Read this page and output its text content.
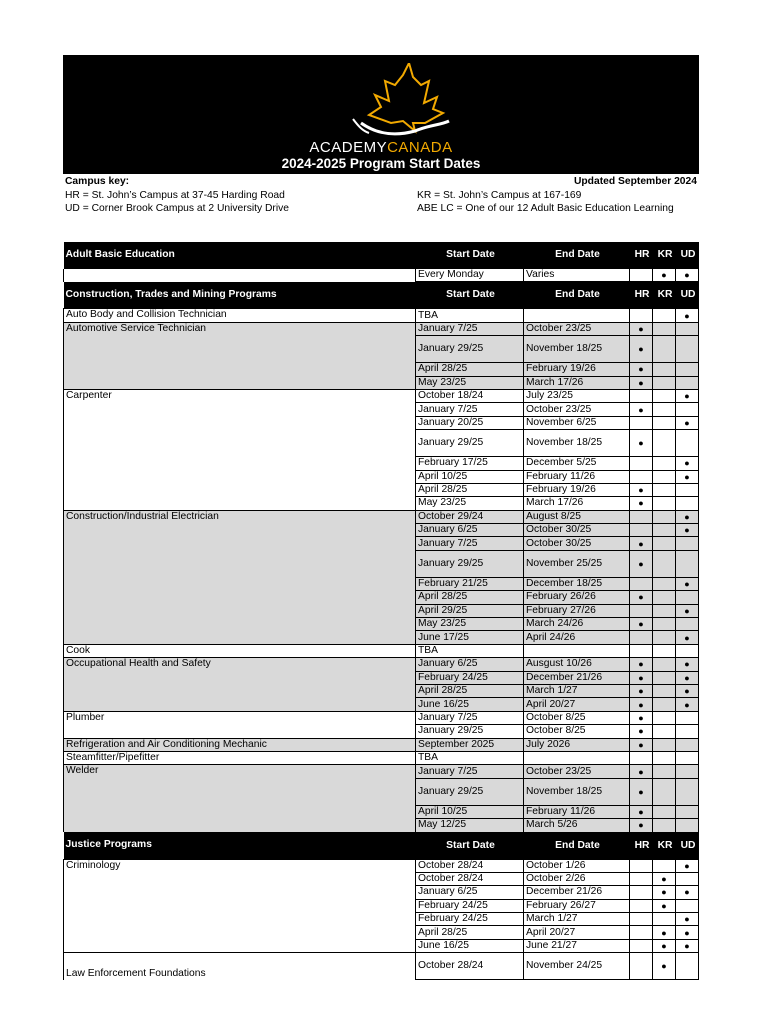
ACADEMYCANADA
2024-2025 Program Start Dates
Campus key:	Updated September 2024
HR = St. John’s Campus at 37-45 Harding Road	KR = St. John’s Campus at 167-169
UD = Corner Brook Campus at 2 University Drive	ABE LC = One of our 12 Adult Basic Education Learning
Adult Basic Education	Start Date	End Date	HR	KR	UD
	Every Monday	Varies		●	●
Construction, Trades and Mining Programs	Start Date	End Date	HR	KR	UD
Auto Body and Collision Technician	TBA				●
Automotive Service Technician	January 7/25	October 23/25	●		
	January 29/25	November 18/25	●		
	April 28/25	February 19/26	●		
	May 23/25	March 17/26	●		
Carpenter	October 18/24	July 23/25			●
	January 7/25	October 23/25	●		
	January 20/25	November 6/25			●
	January 29/25	November 18/25	●		
	February 17/25	December 5/25			●
	April 10/25	February 11/26			●
	April 28/25	February 19/26	●		
	May 23/25	March 17/26	●		
Construction/Industrial Electrician	October 29/24	August 8/25			●
	January 6/25	October 30/25			●
	January 7/25	October 30/25	●		
	January 29/25	November 25/25	●		
	February 21/25	December 18/25			●
	April 28/25	February 26/26	●		
	April 29/25	February 27/26			●
	May 23/25	March 24/26	●		
	June 17/25	April 24/26			●
Cook	TBA				
Occupational Health and Safety	January 6/25	Ausgust 10/26	●		●
	February 24/25	December 21/26	●		●
	April 28/25	March 1/27	●		●
	June 16/25	April 20/27	●		●
Plumber	January 7/25	October 8/25	●		
	January 29/25	October 8/25	●		
Refrigeration and Air Conditioning Mechanic	September 2025	July 2026	●		
Steamfitter/Pipefitter	TBA				
Welder	January 7/25	October 23/25	●		
	January 29/25	November 18/25	●		
	April 10/25	February 11/26	●		
	May 12/25	March 5/26	●		
Justice Programs	Start Date	End Date	HR	KR	UD
Criminology	October 28/24	October 1/26			●
	October 28/24	October 2/26		●	
	January 6/25	December 21/26		●	●
	February 24/25	February 26/27		●	
	February 24/25	March 1/27			●
	April 28/25	April 20/27		●	●
	June 16/25	June 21/27		●	●
Law Enforcement Foundations	October 28/24	November 24/25		●	
